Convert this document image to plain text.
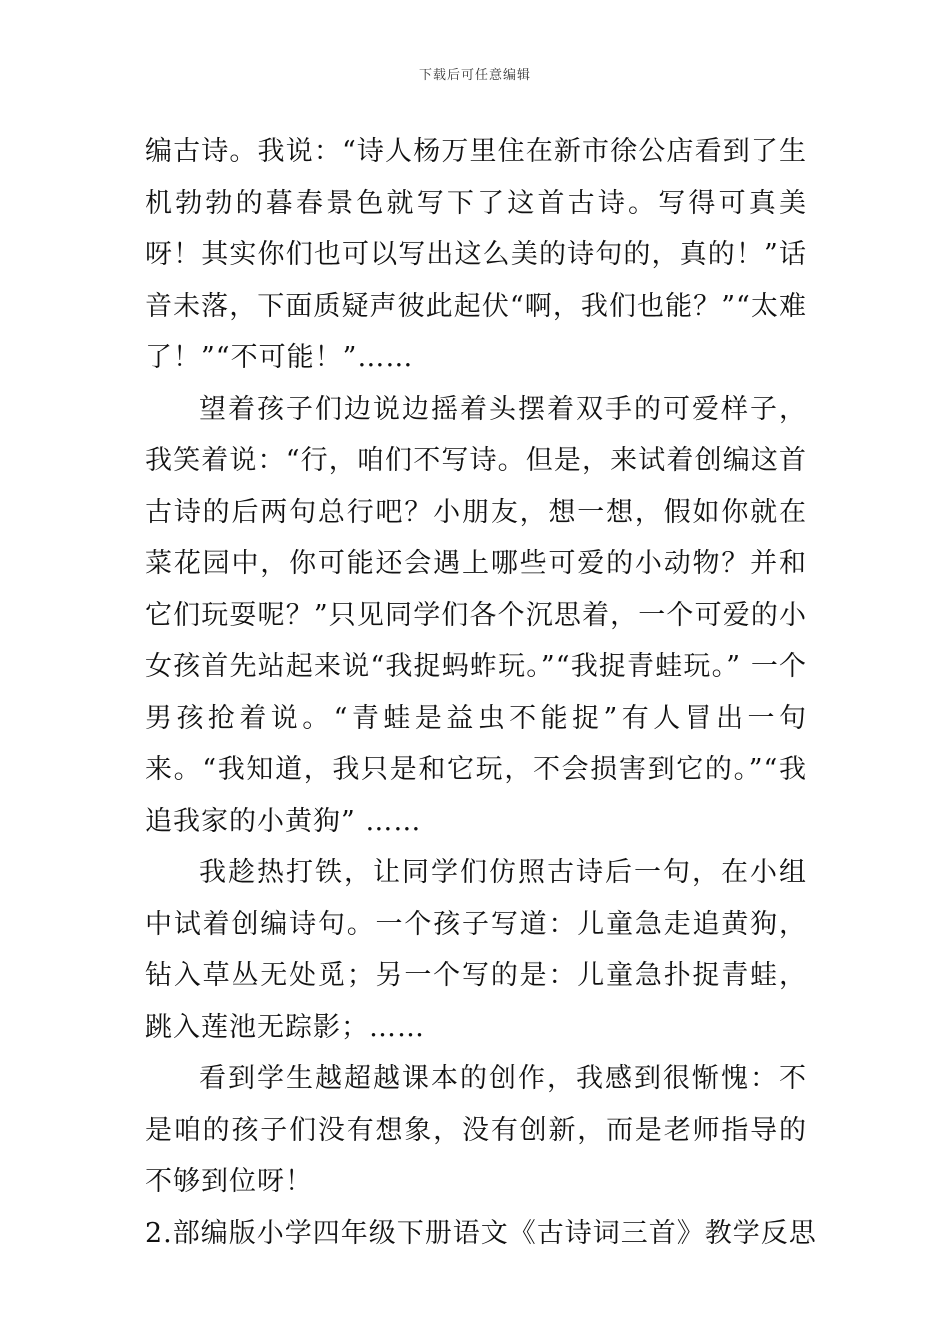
下载后可任意编辑

编古诗。我说：“诗人杨万里住在新市徐公店看到了生机勃勃的暮春景色就写下了这首古诗。写得可真美呀！其实你们也可以写出这么美的诗句的，真的！”话音未落，下面质疑声彼此起伏“啊，我们也能？”“太难了！”“不可能！”……

望着孩子们边说边摇着头摆着双手的可爱样子，我笑着说：“行，咱们不写诗。但是，来试着创编这首古诗的后两句总行吧？小朋友，想一想，假如你就在菜花园中，你可能还会遇上哪些可爱的小动物？并和它们玩耍呢？”只见同学们各个沉思着，一个可爱的小女孩首先站起来说“我捉蚂蚱玩。”“我捉青蛙玩。” 一个男孩抢着说。“青蛙是益虫不能捉”有人冒出一句来。“我知道，我只是和它玩，不会损害到它的。”“我追我家的小黄狗” ……

我趁热打铁，让同学们仿照古诗后一句，在小组中试着创编诗句。一个孩子写道：儿童急走追黄狗，钻入草丛无处觅；另一个写的是：儿童急扑捉青蛙，跳入莲池无踪影；……

看到学生越超越课本的创作，我感到很惭愧：不是咱的孩子们没有想象，没有创新，而是老师指导的不够到位呀！

2.部编版小学四年级下册语文《古诗词三首》教学反思
